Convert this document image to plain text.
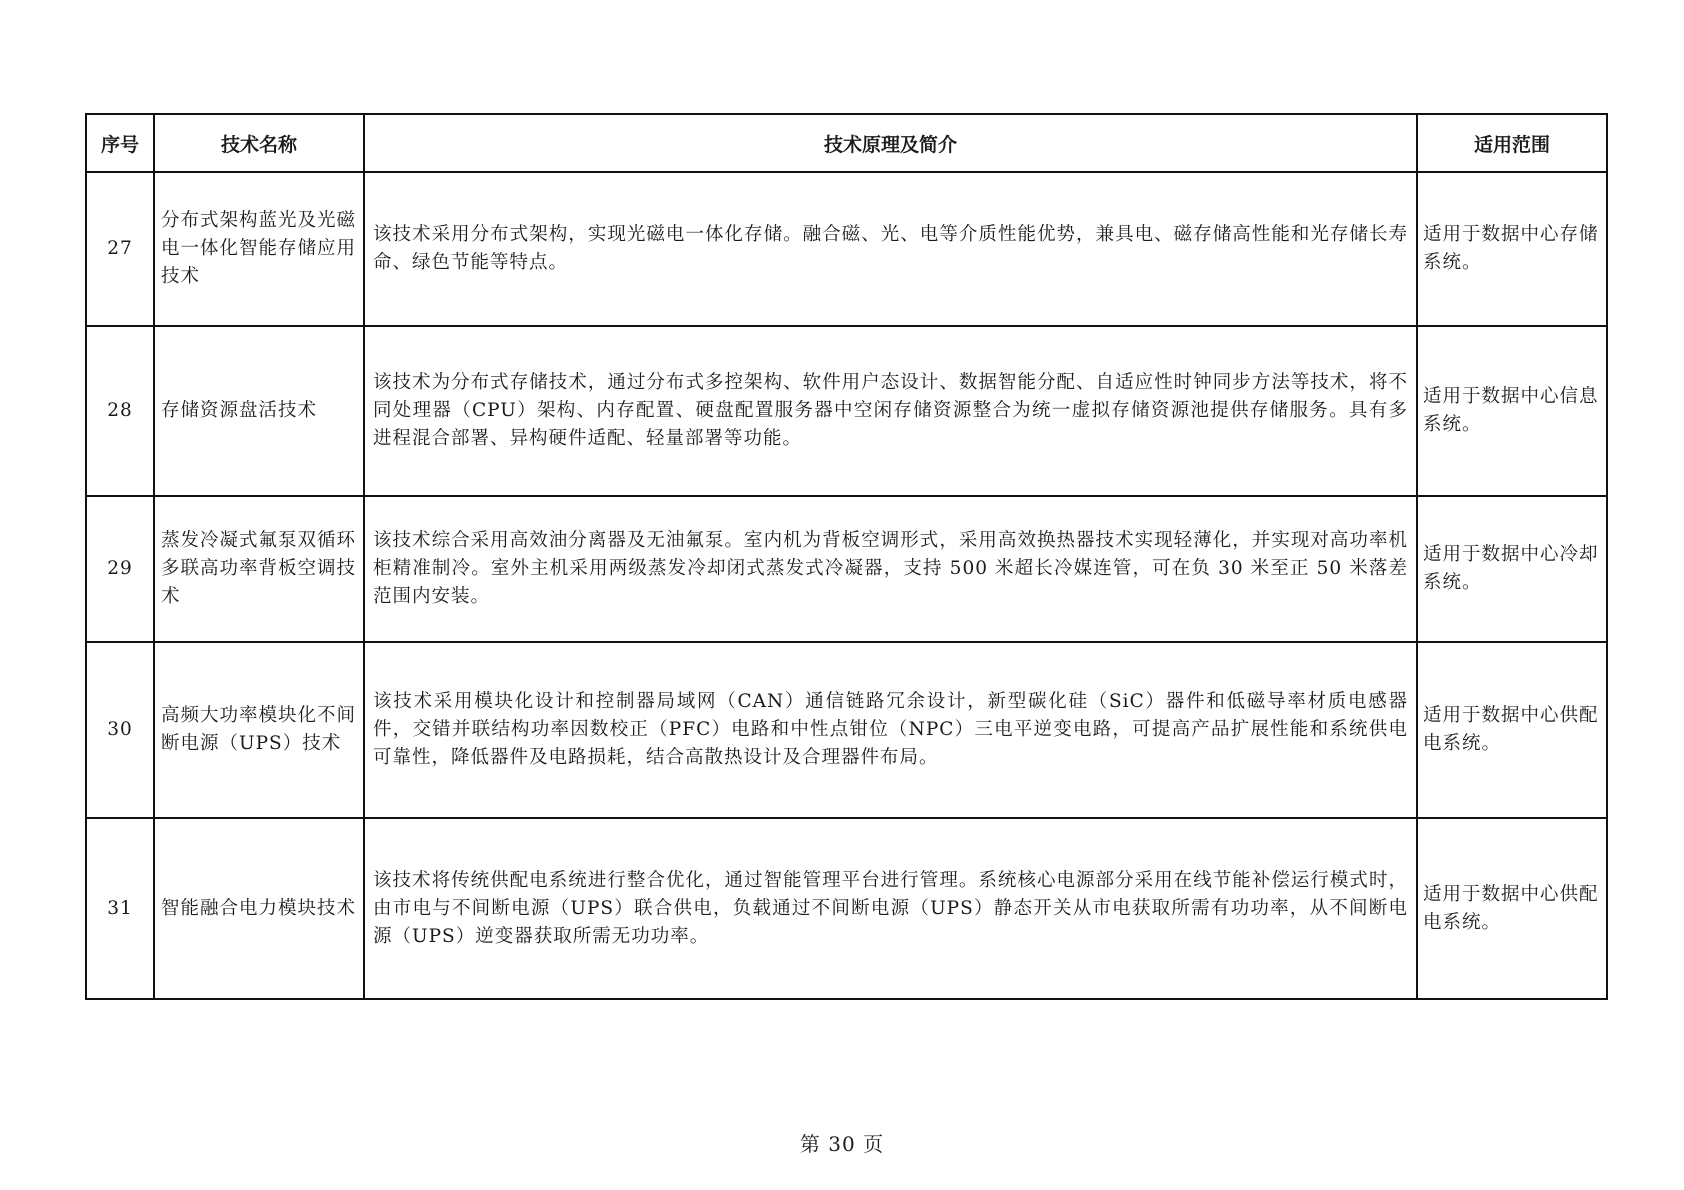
序号	技术名称	技术原理及简介	适用范围
27	分布式架构蓝光及光磁电一体化智能存储应用技术	该技术采用分布式架构，实现光磁电一体化存储。融合磁、光、电等介质性能优势，兼具电、磁存储高性能和光存储长寿命、绿色节能等特点。	适用于数据中心存储系统。
28	存储资源盘活技术	该技术为分布式存储技术，通过分布式多控架构、软件用户态设计、数据智能分配、自适应性时钟同步方法等技术，将不同处理器（CPU）架构、内存配置、硬盘配置服务器中空闲存储资源整合为统一虚拟存储资源池提供存储服务。具有多进程混合部署、异构硬件适配、轻量部署等功能。	适用于数据中心信息系统。
29	蒸发冷凝式氟泵双循环多联高功率背板空调技术	该技术综合采用高效油分离器及无油氟泵。室内机为背板空调形式，采用高效换热器技术实现轻薄化，并实现对高功率机柜精准制冷。室外主机采用两级蒸发冷却闭式蒸发式冷凝器，支持 500 米超长冷媒连管，可在负 30 米至正 50 米落差范围内安装。	适用于数据中心冷却系统。
30	高频大功率模块化不间断电源（UPS）技术	该技术采用模块化设计和控制器局域网（CAN）通信链路冗余设计，新型碳化硅（SiC）器件和低磁导率材质电感器件，交错并联结构功率因数校正（PFC）电路和中性点钳位（NPC）三电平逆变电路，可提高产品扩展性能和系统供电可靠性，降低器件及电路损耗，结合高散热设计及合理器件布局。	适用于数据中心供配电系统。
31	智能融合电力模块技术	该技术将传统供配电系统进行整合优化，通过智能管理平台进行管理。系统核心电源部分采用在线节能补偿运行模式时，由市电与不间断电源（UPS）联合供电，负载通过不间断电源（UPS）静态开关从市电获取所需有功功率，从不间断电源（UPS）逆变器获取所需无功功率。	适用于数据中心供配电系统。
第 30 页
